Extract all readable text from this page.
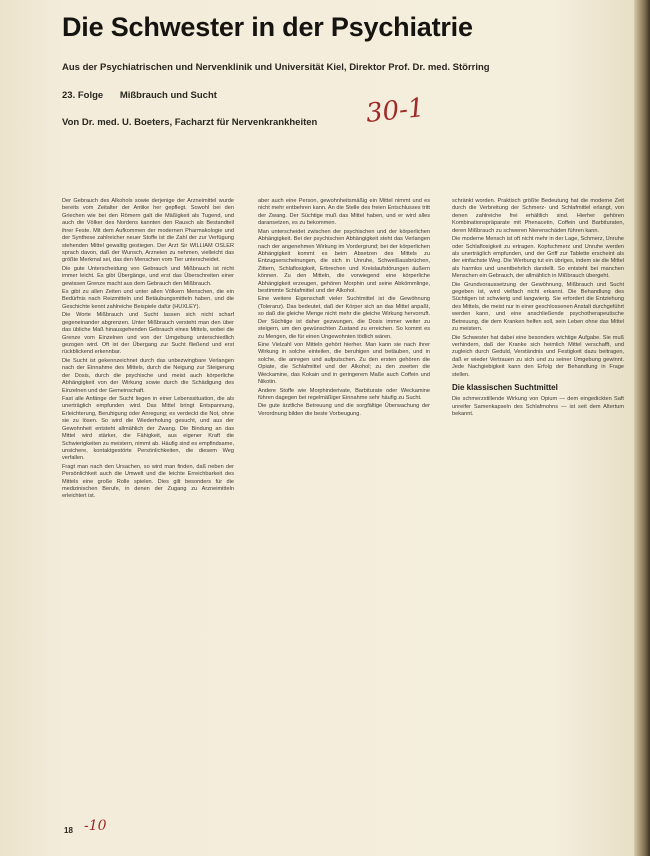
Die Schwester in der Psychiatrie
Aus der Psychiatrischen und Nervenklinik und Universität Kiel, Direktor Prof. Dr. med. Störring
23. Folge Mißbrauch und Sucht
Von Dr. med. U. Boeters, Facharzt für Nervenkrankheiten 30-1

Der Gebrauch des Alkohols sowie derjenige der Arzneimittel wurde bereits vom Zeitalter der Antike her gepflegt. Sowohl bei den Griechen wie bei den Römern galt die Mäßigkeit als Tugend, und auch die Völker des Nordens kannten den Rausch als Bestandteil ihrer Feste. Mit dem Aufkommen der modernen Pharmakologie und der Synthese zahlreicher neuer Stoffe ist die Zahl der zur Verfügung stehenden Mittel gewaltig gestiegen. Der Arzt Sir WILLIAM OSLER sprach davon, daß der Wunsch, Arzneien zu nehmen, vielleicht das größte Merkmal sei, das den Menschen vom Tier unterscheidet.

Die gute Unterscheidung von Gebrauch und Mißbrauch ist nicht immer leicht. Es gibt Übergänge, und erst das Überschreiten einer gewissen Grenze macht aus dem Gebrauch den Mißbrauch.

Es gibt zu allen Zeiten und unter allen Völkern Menschen, die ein Bedürfnis nach Reizmitteln und Betäubungsmitteln haben, und die Geschichte kennt zahlreiche Beispiele dafür (HUXLEY).

Die Worte Mißbrauch und Sucht lassen sich nicht scharf gegeneinander abgrenzen. Unter Mißbrauch versteht man den über das übliche Maß hinausgehenden Gebrauch eines Mittels, wobei die Grenze vom Einzelnen und von der Umgebung unterschiedlich gezogen wird. Oft ist der Übergang zur Sucht fließend und erst rückblickend erkennbar.

Die Sucht ist gekennzeichnet durch das unbezwingbare Verlangen nach der Einnahme des Mittels, durch die Neigung zur Steigerung der Dosis, durch die psychische und meist auch körperliche Abhängigkeit von der Wirkung sowie durch die Schädigung des Einzelnen und der Gemeinschaft.

Fast alle Anfänge der Sucht liegen in einer Lebenssituation, die als unerträglich empfunden wird. Das Mittel bringt Entspannung, Erleichterung, Beruhigung oder Anregung; es verdeckt die Not, ohne sie zu lösen. So wird die Wiederholung gesucht, und aus der Gewohnheit entsteht allmählich der Zwang. Die Bindung an das Mittel wird stärker, die Fähigkeit, aus eigener Kraft die Schwierigkeiten zu meistern, nimmt ab. Häufig sind es empfindsame, unsichere, kontaktgestörte Persönlichkeiten, die diesem Weg verfallen.

Fragt man nach den Ursachen, so wird man finden, daß neben der Persönlichkeit auch die Umwelt und die leichte Erreichbarkeit des Mittels eine große Rolle spielen. Dies gilt besonders für die medizinischen Berufe, in denen der Zugang zu Arzneimitteln erleichtert ist.

aber auch eine Person, gewohnheitsmäßig ein Mittel nimmt und es nicht mehr entbehren kann. An die Stelle des freien Entschlusses tritt der Zwang. Der Süchtige muß das Mittel haben, und er wird alles daransetzen, es zu bekommen.

Man unterscheidet zwischen der psychischen und der körperlichen Abhängigkeit. Bei der psychischen Abhängigkeit steht das Verlangen nach der angenehmen Wirkung im Vordergrund; bei der körperlichen Abhängigkeit kommt es beim Absetzen des Mittels zu Entzugserscheinungen, die sich in Unruhe, Schweißausbrüchen, Zittern, Schlaflosigkeit, Erbrechen und Kreislaufstörungen äußern können. Zu den Mitteln, die vorwiegend eine körperliche Abhängigkeit erzeugen, gehören Morphin und seine Abkömmlinge, bestimmte Schlafmittel und der Alkohol.

Eine weitere Eigenschaft vieler Suchtmittel ist die Gewöhnung (Toleranz). Das bedeutet, daß der Körper sich an das Mittel anpaßt, so daß die gleiche Menge nicht mehr die gleiche Wirkung hervorruft. Der Süchtige ist daher gezwungen, die Dosis immer weiter zu steigern, um den gewünschten Zustand zu erreichen. So kommt es zu Mengen, die für einen Ungewohnten tödlich wären.

Eine Vielzahl von Mitteln gehört hierher. Man kann sie nach ihrer Wirkung in solche einteilen, die beruhigen und betäuben, und in solche, die anregen und aufputschen. Zu den ersten gehören die Opiate, die Schlafmittel und der Alkohol; zu den zweiten die Weckamine, das Kokain und in geringerem Maße auch Coffein und Nikotin.

Andere Stoffe wie Morphinderivate, Barbiturate oder Weckamine führen dagegen bei regelmäßiger Einnahme sehr häufig zu Sucht.

Die gute ärztliche Betreuung und die sorgfältige Überwachung der Verordnung bilden die beste Vorbeugung.

schränkt worden. Praktisch größte Bedeutung hat die moderne Zeit durch die Verbreitung der Schmerz- und Schlafmittel erlangt, von denen zahlreiche frei erhältlich sind. Hierher gehören Kombinationspräparate mit Phenacetin, Coffein und Barbituraten, deren Mißbrauch zu schweren Nierenschäden führen kann.

Die moderne Mensch ist oft nicht mehr in der Lage, Schmerz, Unruhe oder Schlaflosigkeit zu ertragen. Kopfschmerz und Unruhe werden als unerträglich empfunden, und der Griff zur Tablette erscheint als der einfachste Weg. Die Werbung tut ein übriges, indem sie die Mittel als harmlos und unentbehrlich darstellt. So entsteht bei manchen Menschen ein Gebrauch, der allmählich in Mißbrauch übergeht.

Die Grundvoraussetzung der Gewöhnung, Mißbrauch und Sucht gegeben ist, wird vielfach nicht erkannt. Die Behandlung des Süchtigen ist schwierig und langwierig. Sie erfordert die Entziehung des Mittels, die meist nur in einer geschlossenen Anstalt durchgeführt werden kann, und eine anschließende psychotherapeutische Betreuung, die dem Kranken helfen soll, sein Leben ohne das Mittel zu meistern.

Die Schwester hat dabei eine besonders wichtige Aufgabe. Sie muß verhindern, daß der Kranke sich heimlich Mittel verschafft, und zugleich durch Geduld, Verständnis und Festigkeit dazu beitragen, daß er wieder Vertrauen zu sich und zu seiner Umgebung gewinnt. Jede Nachgiebigkeit kann den Erfolg der Behandlung in Frage stellen.

Die klassischen Suchtmittel

Die schmerzstillende Wirkung von Opium — dem eingedickten Saft unreifer Samenkapseln des Schlafmohns — ist seit dem Altertum bekannt.

18 -10
